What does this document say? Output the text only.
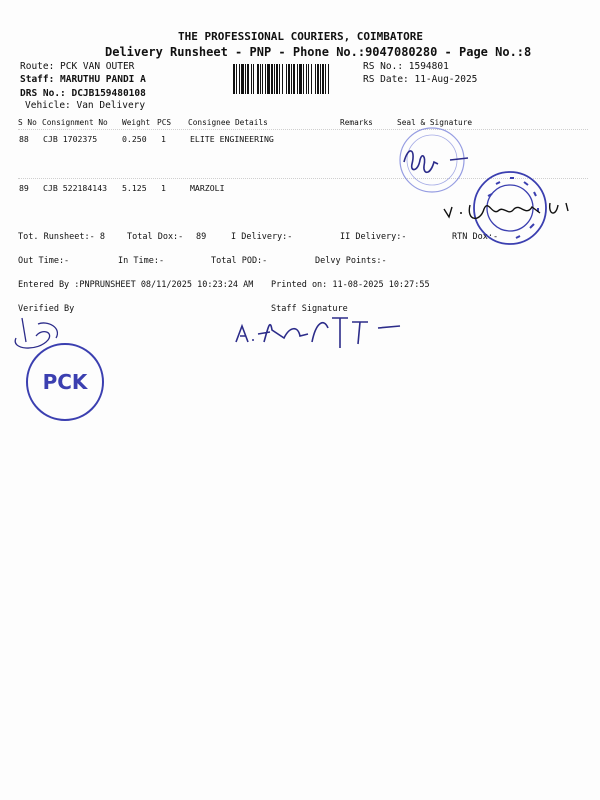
THE PROFESSIONAL COURIERS, COIMBATORE
Delivery Runsheet - PNP - Phone No.:9047080280 - Page No.:8
Route: PCK VAN OUTER
Staff: MARUTHU PANDI A
DRS No.: DCJB159480108
Vehicle: Van Delivery
RS No.: 1594801
RS Date: 11-Aug-2025
S No Consignment No Weight PCS Consignee Details	Remarks	Seal & Signature
88 CJB 1702375	0.250 1	ELITE ENGINEERING
89 CJB 522184143 5.125 1	MARZOLI
Tot. Runsheet:- 8	Total Dox:- 89	I Delivery:-	II Delivery:-	RTN Dox:-
Out Time:-	In Time:-	Total POD:-	Delvy Points:-
Entered By :PNPRUNSHEET 08/11/2025 10:23:24 AM Printed on: 11-08-2025 10:27:55
Verified By	Staff Signature
PCK
